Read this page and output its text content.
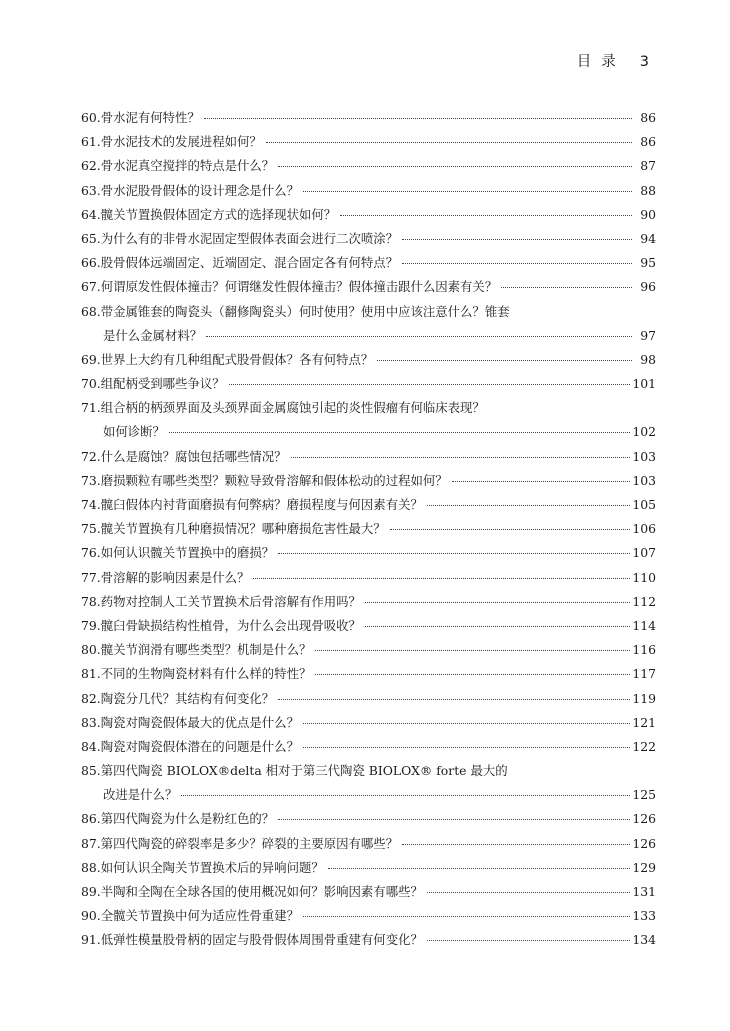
目录 3
60. 骨水泥有何特性？	86
61. 骨水泥技术的发展进程如何？	86
62. 骨水泥真空搅拌的特点是什么？	87
63. 骨水泥股骨假体的设计理念是什么？	88
64. 髋关节置换假体固定方式的选择现状如何？	90
65. 为什么有的非骨水泥固定型假体表面会进行二次喷涂？	94
66. 股骨假体远端固定、近端固定、混合固定各有何特点？	95
67. 何谓原发性假体撞击？何谓继发性假体撞击？假体撞击跟什么因素有关？	96
68. 带金属锥套的陶瓷头（翻修陶瓷头）何时使用？使用中应该注意什么？锥套
是什么金属材料？	97
69. 世界上大约有几种组配式股骨假体？各有何特点？	98
70. 组配柄受到哪些争议？	101
71. 组合柄的柄颈界面及头颈界面金属腐蚀引起的炎性假瘤有何临床表现？
如何诊断？	102
72. 什么是腐蚀？腐蚀包括哪些情况？	103
73. 磨损颗粒有哪些类型？颗粒导致骨溶解和假体松动的过程如何？	103
74. 髋臼假体内衬背面磨损有何弊病？磨损程度与何因素有关？	105
75. 髋关节置换有几种磨损情况？哪种磨损危害性最大？	106
76. 如何认识髋关节置换中的磨损？	107
77. 骨溶解的影响因素是什么？	110
78. 药物对控制人工关节置换术后骨溶解有作用吗？	112
79. 髋臼骨缺损结构性植骨，为什么会出现骨吸收？	114
80. 髋关节润滑有哪些类型？机制是什么？	116
81. 不同的生物陶瓷材料有什么样的特性？	117
82. 陶瓷分几代？其结构有何变化？	119
83. 陶瓷对陶瓷假体最大的优点是什么？	121
84. 陶瓷对陶瓷假体潜在的问题是什么？	122
85. 第四代陶瓷 BIOLOX®delta 相对于第三代陶瓷 BIOLOX® forte 最大的
改进是什么？	125
86. 第四代陶瓷为什么是粉红色的？	126
87. 第四代陶瓷的碎裂率是多少？碎裂的主要原因有哪些？	126
88. 如何认识全陶关节置换术后的异响问题？	129
89. 半陶和全陶在全球各国的使用概况如何？影响因素有哪些？	131
90. 全髋关节置换中何为适应性骨重建？	133
91. 低弹性模量股骨柄的固定与股骨假体周围骨重建有何变化？	134
